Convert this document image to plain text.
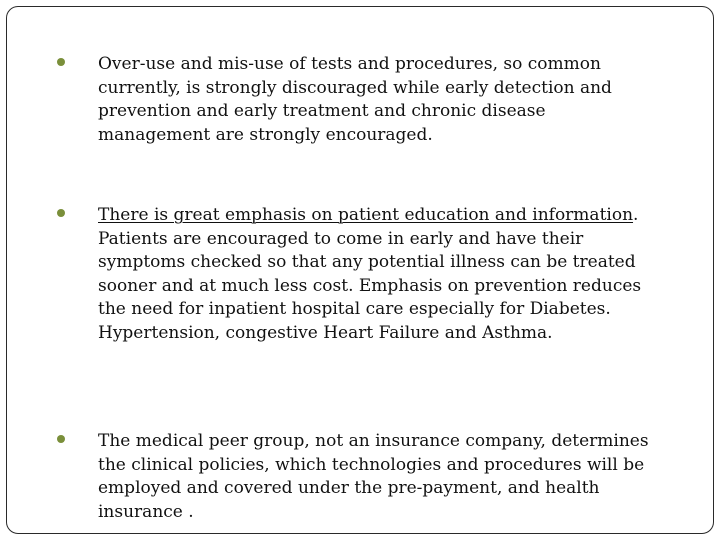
Over-use and mis-use of tests and procedures, so common currently, is strongly discouraged while early detection and prevention and early treatment and chronic disease management are strongly encouraged.

There is great emphasis on patient education and information.
Patients are encouraged to come in early and have their symptoms checked so that any potential illness can be treated sooner and at much less cost. Emphasis on prevention reduces the need for inpatient hospital care especially for Diabetes. Hypertension, congestive Heart Failure and Asthma.

The medical peer group, not an insurance company, determines the clinical policies, which technologies and procedures will be employed and covered under the pre-payment, and health insurance .
